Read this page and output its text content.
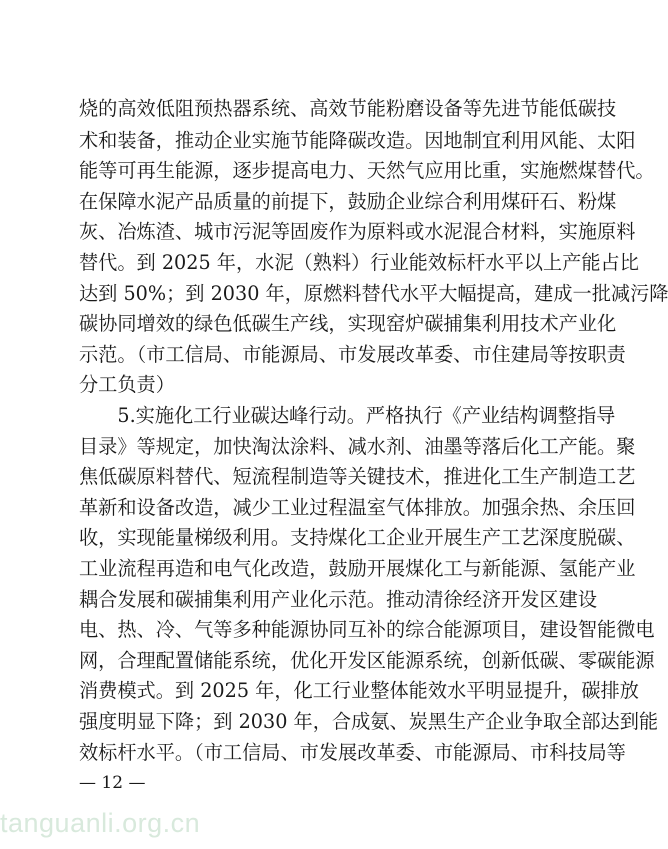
烧的高效低阻预热器系统、高效节能粉磨设备等先进节能低碳技
术和装备，推动企业实施节能降碳改造。因地制宜利用风能、太阳
能等可再生能源，逐步提高电力、天然气应用比重，实施燃煤替代。
在保障水泥产品质量的前提下，鼓励企业综合利用煤矸石、粉煤
灰、冶炼渣、城市污泥等固废作为原料或水泥混合材料，实施原料
替代。到 2025 年，水泥（熟料）行业能效标杆水平以上产能占比
达到 50%；到 2030 年，原燃料替代水平大幅提高，建成一批减污降
碳协同增效的绿色低碳生产线，实现窑炉碳捕集利用技术产业化
示范。（市工信局、市能源局、市发展改革委、市住建局等按职责
分工负责）
　　5.实施化工行业碳达峰行动。严格执行《产业结构调整指导
目录》等规定，加快淘汰涂料、减水剂、油墨等落后化工产能。聚
焦低碳原料替代、短流程制造等关键技术，推进化工生产制造工艺
革新和设备改造，减少工业过程温室气体排放。加强余热、余压回
收，实现能量梯级利用。支持煤化工企业开展生产工艺深度脱碳、
工业流程再造和电气化改造，鼓励开展煤化工与新能源、氢能产业
耦合发展和碳捕集利用产业化示范。推动清徐经济开发区建设
电、热、冷、气等多种能源协同互补的综合能源项目，建设智能微电
网，合理配置储能系统，优化开发区能源系统，创新低碳、零碳能源
消费模式。到 2025 年，化工行业整体能效水平明显提升，碳排放
强度明显下降；到 2030 年，合成氨、炭黑生产企业争取全部达到能
效标杆水平。（市工信局、市发展改革委、市能源局、市科技局等
— 12 —
tanguanli.org.cn
